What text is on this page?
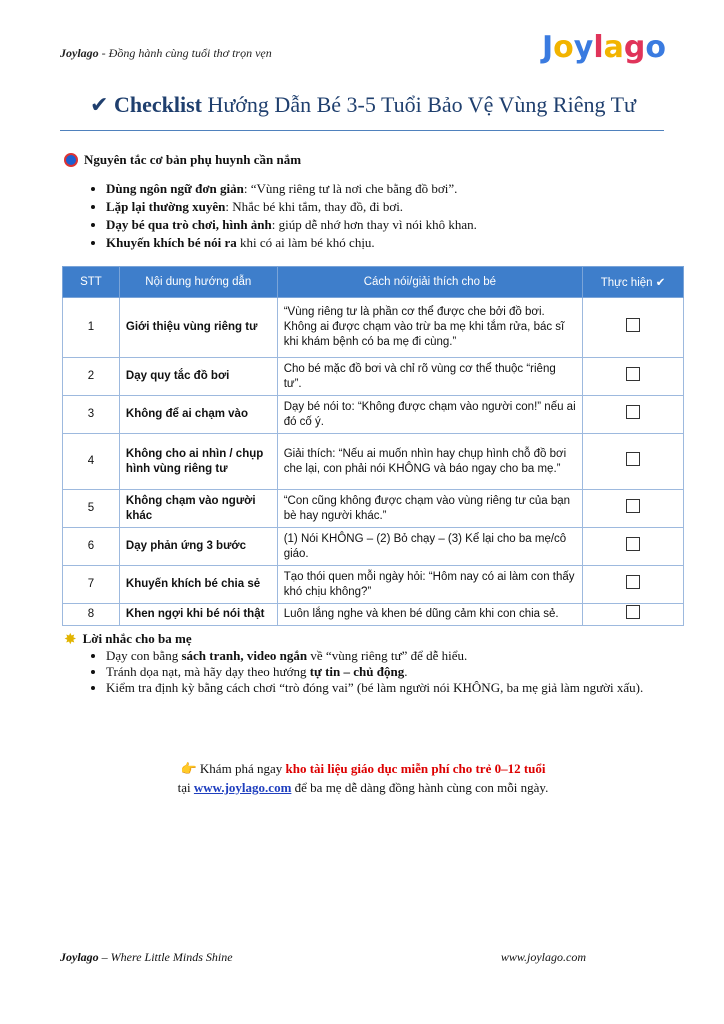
Joylago - Đồng hành cùng tuổi thơ trọn vẹn	Joylago
✔ Checklist Hướng Dẫn Bé 3-5 Tuổi Bảo Vệ Vùng Riêng Tư
Nguyên tắc cơ bản phụ huynh cần nắm
• Dùng ngôn ngữ đơn giản: “Vùng riêng tư là nơi che bằng đồ bơi”.
• Lặp lại thường xuyên: Nhắc bé khi tắm, thay đồ, đi bơi.
• Dạy bé qua trò chơi, hình ảnh: giúp dễ nhớ hơn thay vì nói khô khan.
• Khuyến khích bé nói ra khi có ai làm bé khó chịu.
STT	Nội dung hướng dẫn	Cách nói/giải thích cho bé	Thực hiện ✔
1	Giới thiệu vùng riêng tư	“Vùng riêng tư là phần cơ thể được che bởi đồ bơi. Không ai được chạm vào trừ ba mẹ khi tắm rửa, bác sĩ khi khám bệnh có ba mẹ đi cùng.”	
2	Dạy quy tắc đồ bơi	Cho bé mặc đồ bơi và chỉ rõ vùng cơ thể thuộc “riêng tư”.	
3	Không để ai chạm vào	Dạy bé nói to: “Không được chạm vào người con!” nếu ai đó cố ý.	
4	Không cho ai nhìn / chụp hình vùng riêng tư	Giải thích: “Nếu ai muốn nhìn hay chụp hình chỗ đồ bơi che lại, con phải nói KHÔNG và báo ngay cho ba mẹ.”	
5	Không chạm vào người khác	“Con cũng không được chạm vào vùng riêng tư của bạn bè hay người khác.”	
6	Dạy phản ứng 3 bước	(1) Nói KHÔNG – (2) Bỏ chạy – (3) Kể lại cho ba mẹ/cô giáo.	
7	Khuyến khích bé chia sẻ	Tạo thói quen mỗi ngày hỏi: “Hôm nay có ai làm con thấy khó chịu không?”	
8	Khen ngợi khi bé nói thật	Luôn lắng nghe và khen bé dũng cảm khi con chia sẻ.	
✸ Lời nhắc cho ba mẹ
• Dạy con bằng sách tranh, video ngắn về “vùng riêng tư” để dễ hiểu.
• Tránh dọa nạt, mà hãy dạy theo hướng tự tin – chủ động.
• Kiểm tra định kỳ bằng cách chơi “trò đóng vai” (bé làm người nói KHÔNG, ba mẹ giả làm người xấu).
👉 Khám phá ngay kho tài liệu giáo dục miễn phí cho trẻ 0–12 tuổi
tại www.joylago.com để ba mẹ dễ dàng đồng hành cùng con mỗi ngày.
Joylago – Where Little Minds Shine	www.joylago.com
